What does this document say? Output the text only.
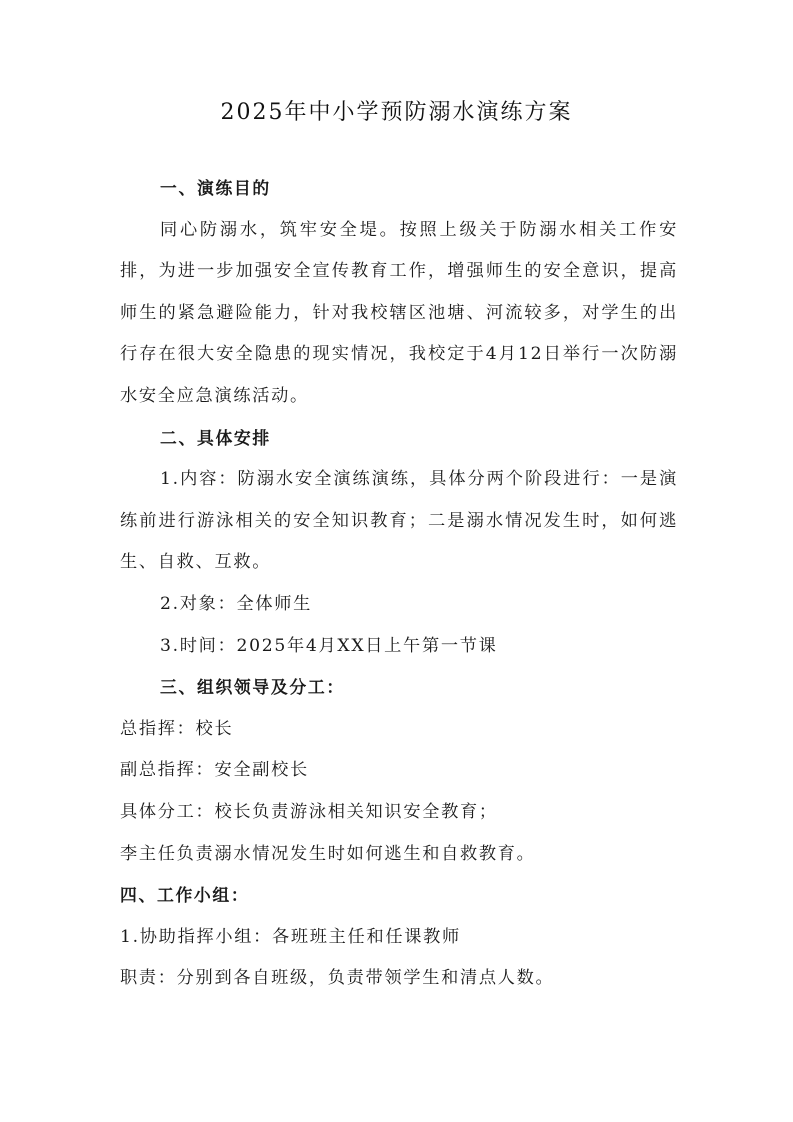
2025年中小学预防溺水演练方案

一、演练目的

同心防溺水，筑牢安全堤。按照上级关于防溺水相关工作安排，为进一步加强安全宣传教育工作，增强师生的安全意识，提高师生的紧急避险能力，针对我校辖区池塘、河流较多，对学生的出行存在很大安全隐患的现实情况，我校定于4月12日举行一次防溺水安全应急演练活动。

二、具体安排

1.内容：防溺水安全演练演练，具体分两个阶段进行：一是演练前进行游泳相关的安全知识教育；二是溺水情况发生时，如何逃生、自救、互救。

2.对象：全体师生

3.时间：2025年4月XX日上午第一节课

三、组织领导及分工：

总指挥：校长

副总指挥：安全副校长

具体分工：校长负责游泳相关知识安全教育；

李主任负责溺水情况发生时如何逃生和自救教育。

四、工作小组：

1.协助指挥小组：各班班主任和任课教师

职责：分别到各自班级，负责带领学生和清点人数。
